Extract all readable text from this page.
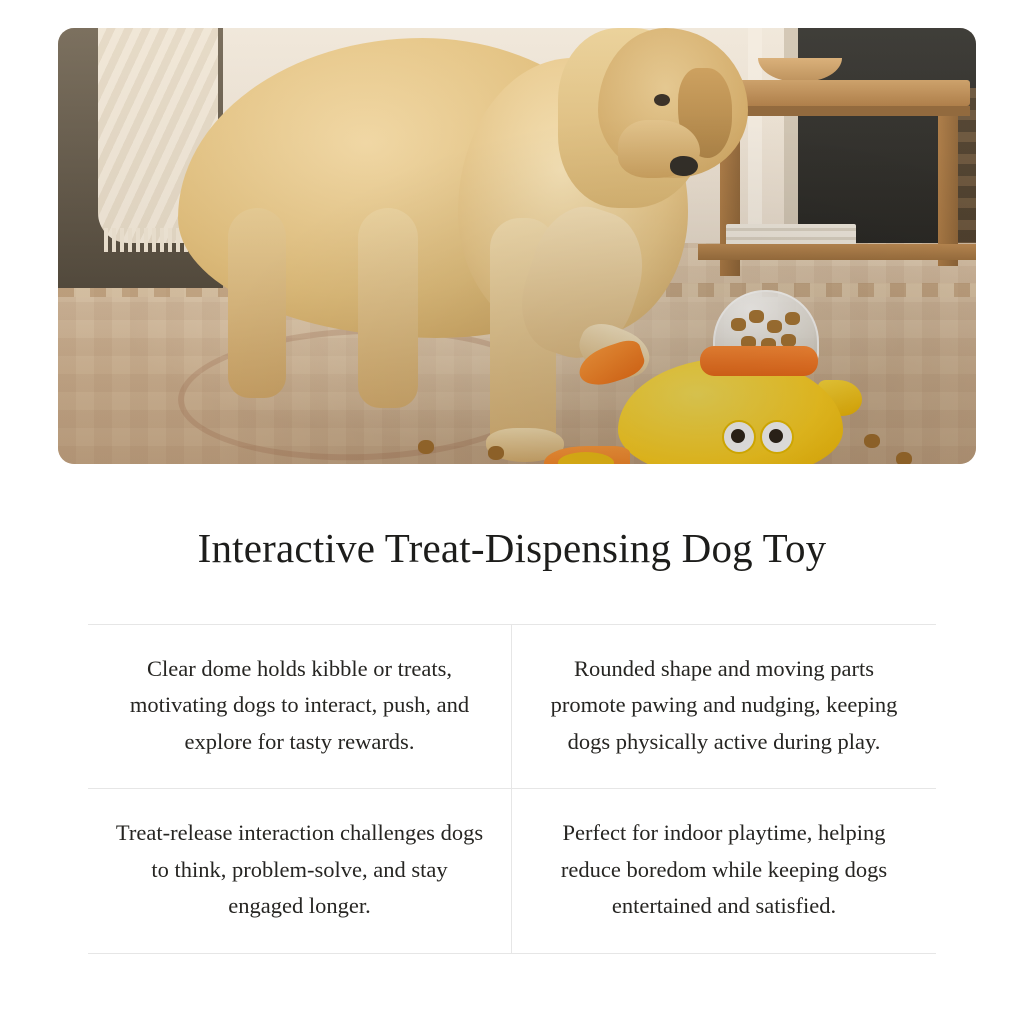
Interactive Treat-Dispensing Dog Toy
Clear dome holds kibble or treats, motivating dogs to interact, push, and explore for tasty rewards.
Rounded shape and moving parts promote pawing and nudging, keeping dogs physically active during play.
Treat-release interaction challenges dogs to think, problem-solve, and stay engaged longer.
Perfect for indoor playtime, helping reduce boredom while keeping dogs entertained and satisfied.
